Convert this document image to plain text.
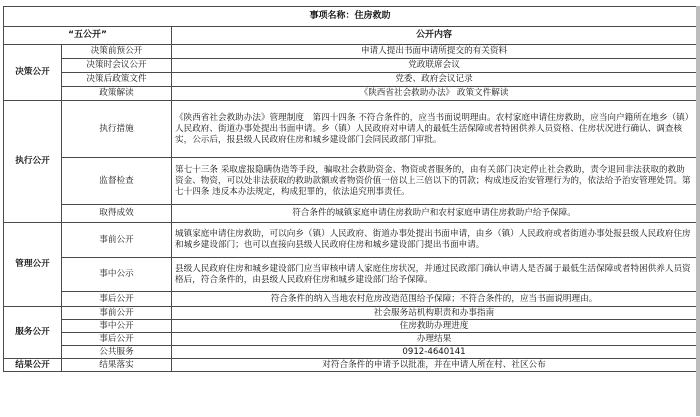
事项名称：住房救助		
“五公开”		公开内容
决策公开	决策前预公开	申请人提出书面申请所提交的有关资料
	决策时会议公开	党政联席会议
	决策后政策文件	党委、政府会议记录
	政策解读	《陕西省社会救助办法》 政策文件解读
执行公开	执行措施	《陕西省社会救助办法》管理制度　第四十四条 不符合条件的，应当书面说明理由。农村家庭申请住房救助，应当向户籍所在地乡（镇）人民政府、街道办事处提出书面申请。乡（镇）人民政府对申请人的最低生活保障或者特困供养人员资格、住房状况进行确认、调查核实，公示后，报县级人民政府住房和城乡建设部门会同民政部门审批。
	监督检查	第七十三条 采取虚报隐瞒伪造等手段，骗取社会救助资金、物资或者服务的，由有关部门决定停止社会救助，责令退回非法获取的救助资金、物资，可以处非法获取的救助款额或者物资价值一倍以上三倍以下的罚款；构成违反治安管理行为的，依法给予治安管理处罚。第七十四条 违反本办法规定，构成犯罪的，依法追究刑事责任。
	取得成效	符合条件的城镇家庭申请住房救助户和农村家庭申请住房救助户给予保障。
管理公开	事前公开	城镇家庭申请住房救助，可以向乡（镇）人民政府、街道办事处提出书面申请，由乡（镇）人民政府或者街道办事处报县级人民政府住房和城乡建设部门；也可以直接向县级人民政府住房和城乡建设部门提出书面申请。
	事中公示	县级人民政府住房和城乡建设部门应当审核申请人家庭住房状况，并通过民政部门确认申请人是否属于最低生活保障或者特困供养人员资格后，符合条件的，由县级人民政府住房和城乡建设部门给予保障。
	事后公开	符合条件的纳入当地农村危房改造范围给予保障；不符合条件的，应当书面说明理由。
服务公开	事前公开	社会服务站机构职责和办事指南
	事中公开	住房救助办理进度
	事后公开	办理结果
	公共服务	0912-4640141
结果公开	结果落实	对符合条件的申请予以批准，并在申请人所在村、社区公布
